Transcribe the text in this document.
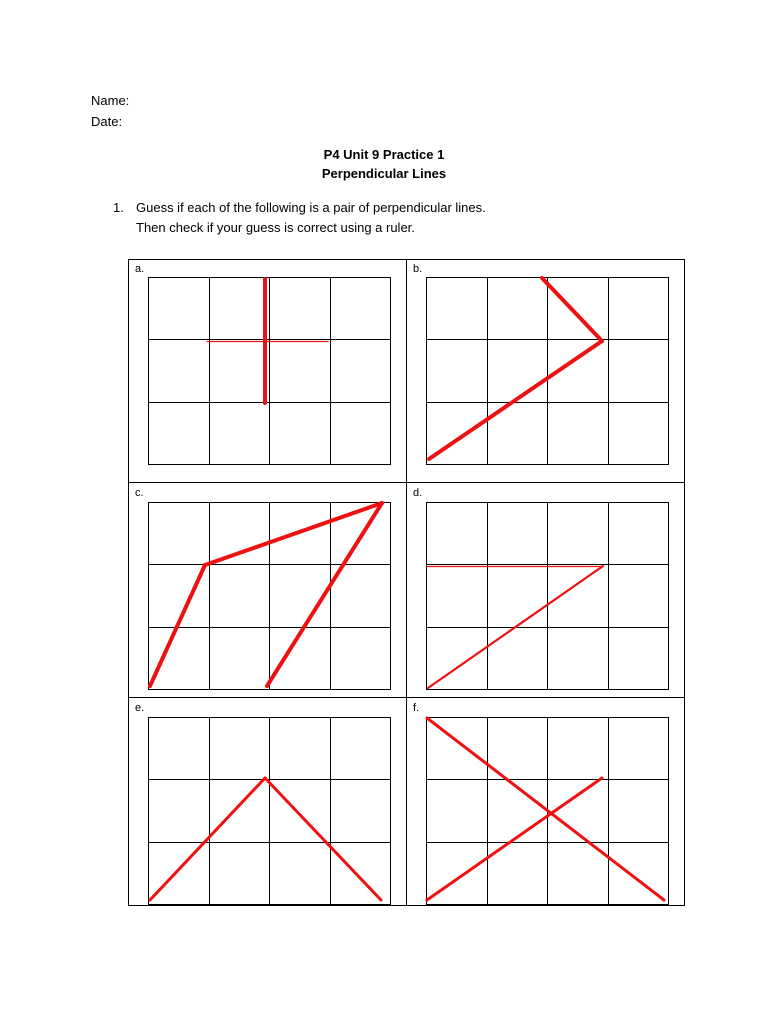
Name:
Date:
P4 Unit 9 Practice 1
Perpendicular Lines
1. Guess if each of the following is a pair of perpendicular lines.
Then check if your guess is correct using a ruler.
a.	b.
c.	d.
e.	f.
